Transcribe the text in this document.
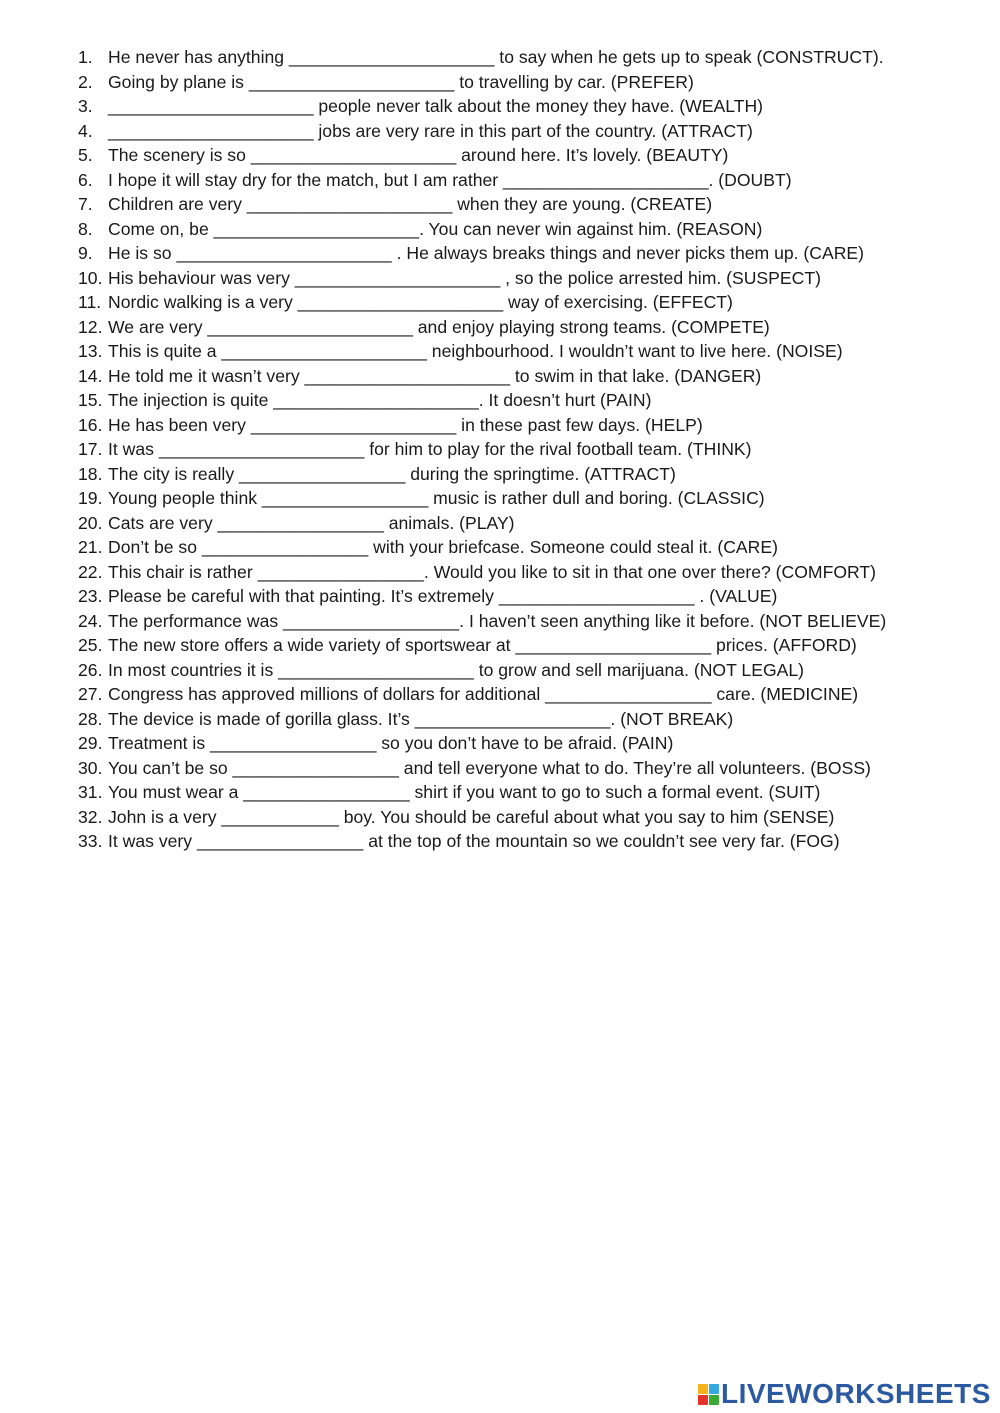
1. He never has anything _____________________ to say when he gets up to speak (CONSTRUCT).
2. Going by plane is _____________________ to travelling by car. (PREFER)
3. _____________________ people never talk about the money they have. (WEALTH)
4. _____________________ jobs are very rare in this part of the country. (ATTRACT)
5. The scenery is so _____________________ around here. It’s lovely. (BEAUTY)
6. I hope it will stay dry for the match, but I am rather _____________________. (DOUBT)
7. Children are very _____________________ when they are young. (CREATE)
8. Come on, be _____________________. You can never win against him. (REASON)
9. He is so ______________________ . He always breaks things and never picks them up. (CARE)
10. His behaviour was very _____________________ , so the police arrested him. (SUSPECT)
11. Nordic walking is a very _____________________ way of exercising. (EFFECT)
12. We are very _____________________ and enjoy playing strong teams. (COMPETE)
13. This is quite a _____________________ neighbourhood. I wouldn’t want to live here. (NOISE)
14. He told me it wasn’t very _____________________ to swim in that lake. (DANGER)
15. The injection is quite _____________________. It doesn’t hurt (PAIN)
16. He has been very _____________________ in these past few days. (HELP)
17. It was _____________________ for him to play for the rival football team. (THINK)
18. The city is really _________________ during the springtime. (ATTRACT)
19. Young people think _________________ music is rather dull and boring. (CLASSIC)
20. Cats are very _________________ animals. (PLAY)
21. Don’t be so _________________ with your briefcase. Someone could steal it. (CARE)
22. This chair is rather _________________. Would you like to sit in that one over there? (COMFORT)
23. Please be careful with that painting. It’s extremely ____________________ . (VALUE)
24. The performance was __________________. I haven’t seen anything like it before. (NOT BELIEVE)
25. The new store offers a wide variety of sportswear at ____________________ prices. (AFFORD)
26. In most countries it is ____________________ to grow and sell marijuana. (NOT LEGAL)
27. Congress has approved millions of dollars for additional _________________ care. (MEDICINE)
28. The device is made of gorilla glass. It’s ____________________. (NOT BREAK)
29. Treatment is _________________ so you don’t have to be afraid. (PAIN)
30. You can’t be so _________________ and tell everyone what to do. They’re all volunteers. (BOSS)
31. You must wear a _________________ shirt if you want to go to such a formal event. (SUIT)
32. John is a very ____________ boy. You should be careful about what you say to him (SENSE)
33. It was very _________________ at the top of the mountain so we couldn’t see very far. (FOG)
LIVEWORKSHEETS
